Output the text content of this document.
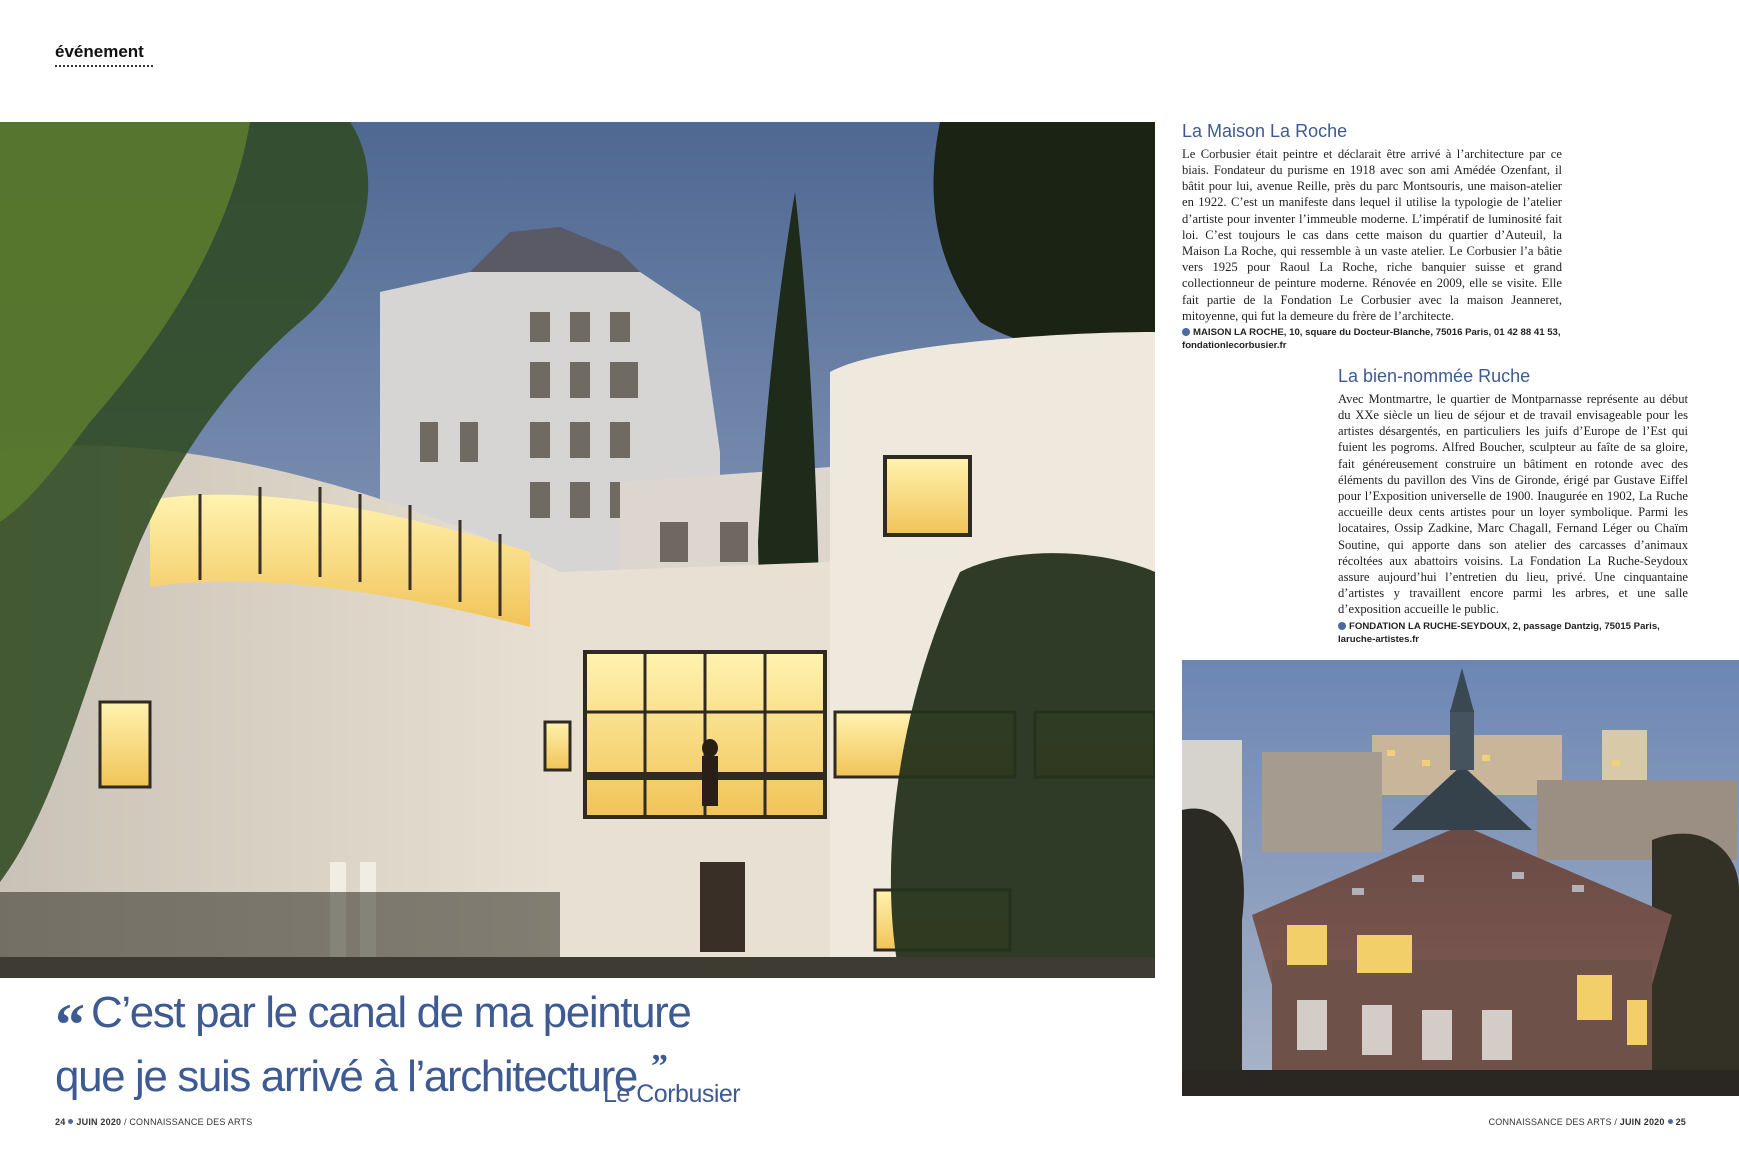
événement
La Maison La Roche

Le Corbusier était peintre et déclarait être arrivé à l’architecture par ce biais. Fondateur du purisme en 1918 avec son ami Amédée Ozenfant, il bâtit pour lui, avenue Reille, près du parc Montsouris, une maison-atelier en 1922. C’est un manifeste dans lequel il utilise la typologie de l’atelier d’artiste pour inventer l’immeuble moderne. L’impératif de luminosité fait loi. C’est toujours le cas dans cette maison du quartier d’Auteuil, la Maison La Roche, qui ressemble à un vaste atelier. Le Corbusier l’a bâtie vers 1925 pour Raoul La Roche, riche banquier suisse et grand collectionneur de peinture moderne. Rénovée en 2009, elle se visite. Elle fait partie de la Fondation Le Corbusier avec la maison Jeanneret, mitoyenne, qui fut la demeure du frère de l’architecte.

MAISON LA ROCHE, 10, square du Docteur-Blanche, 75016 Paris, 01 42 88 41 53,
fondationlecorbusier.fr
La bien-nommée Ruche

Avec Montmartre, le quartier de Montparnasse représente au début du XXe siècle un lieu de séjour et de travail envisageable pour les artistes désargentés, en particuliers les juifs d’Europe de l’Est qui fuient les pogroms. Alfred Boucher, sculpteur au faîte de sa gloire, fait généreusement construire un bâtiment en rotonde avec des éléments du pavillon des Vins de Gironde, érigé par Gustave Eiffel pour l’Exposition universelle de 1900. Inaugurée en 1902, La Ruche accueille deux cents artistes pour un loyer symbolique. Parmi les locataires, Ossip Zadkine, Marc Chagall, Fernand Léger ou Chaïm Soutine, qui apporte dans son atelier des carcasses d’animaux récoltées aux abattoirs voisins. La Fondation La Ruche-Seydoux assure aujourd’hui l’entretien du lieu, privé. Une cinquantaine d’artistes y travaillent encore parmi les arbres, et une salle d’exposition accueille le public.

FONDATION LA RUCHE-SEYDOUX, 2, passage Dantzig, 75015 Paris,
laruche-artistes.fr
“ C’est par le canal de ma peinture
que je suis arrivé à l’architecture ”
Le Corbusier
24 JUIN 2020 / CONNAISSANCE DES ARTS	CONNAISSANCE DES ARTS / JUIN 2020 25
